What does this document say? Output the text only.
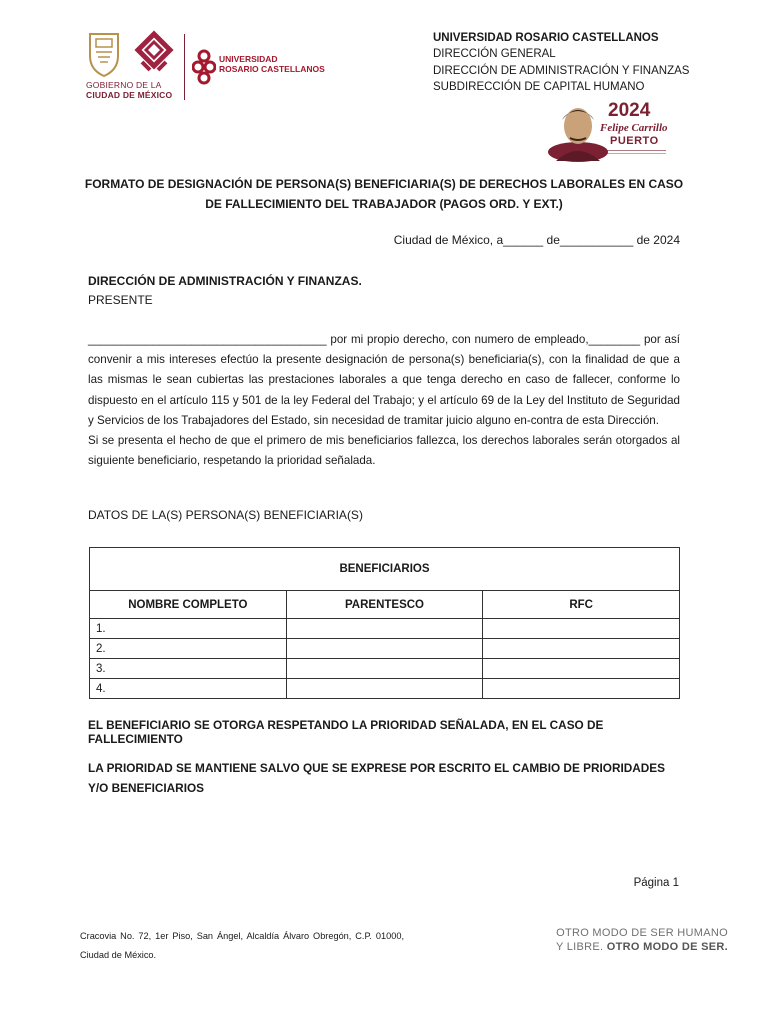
GOBIERNO DE LA
CIUDAD DE MÉXICO
UNIVERSIDAD
ROSARIO CASTELLANOS
UNIVERSIDAD ROSARIO CASTELLANOS
DIRECCIÓN GENERAL
DIRECCIÓN DE ADMINISTRACIÓN Y FINANZAS
SUBDIRECCIÓN DE CAPITAL HUMANO
2024
Felipe Carrillo
PUERTO
FORMATO DE DESIGNACIÓN DE PERSONA(S) BENEFICIARIA(S) DE DERECHOS LABORALES EN CASO DE FALLECIMIENTO DEL TRABAJADOR (PAGOS ORD. Y EXT.)
Ciudad de México, a______ de___________ de 2024
DIRECCIÓN DE ADMINISTRACIÓN Y FINANZAS.
PRESENTE

_____________________________________ por mi propio derecho, con numero de empleado,________ por así convenir a mis intereses efectúo la presente designación de persona(s) beneficiaria(s), con la finalidad de que a las mismas le sean cubiertas las prestaciones laborales a que tenga derecho en caso de fallecer, conforme lo dispuesto en el artículo 115 y 501 de la ley Federal del Trabajo; y el artículo 69 de la Ley del Instituto de Seguridad y Servicios de los Trabajadores del Estado, sin necesidad de tramitar juicio alguno en-contra de esta Dirección.

Si se presenta el hecho de que el primero de mis beneficiarios fallezca, los derechos laborales serán otorgados al siguiente beneficiario, respetando la prioridad señalada.

DATOS DE LA(S) PERSONA(S) BENEFICIARIA(S)
BENEFICIARIOS		
NOMBRE COMPLETO	PARENTESCO	RFC
1.		
2.		
3.		
4.		
EL BENEFICIARIO SE OTORGA RESPETANDO LA PRIORIDAD SEÑALADA, EN EL CASO DE FALLECIMIENTO
LA PRIORIDAD SE MANTIENE SALVO QUE SE EXPRESE POR ESCRITO EL CAMBIO DE PRIORIDADES Y/O BENEFICIARIOS
Página 1
Cracovia No. 72, 1er Piso, San Ángel, Alcaldía Álvaro Obregón, C.P. 01000, Ciudad de México.
OTRO MODO DE SER HUMANO
Y LIBRE. OTRO MODO DE SER.
